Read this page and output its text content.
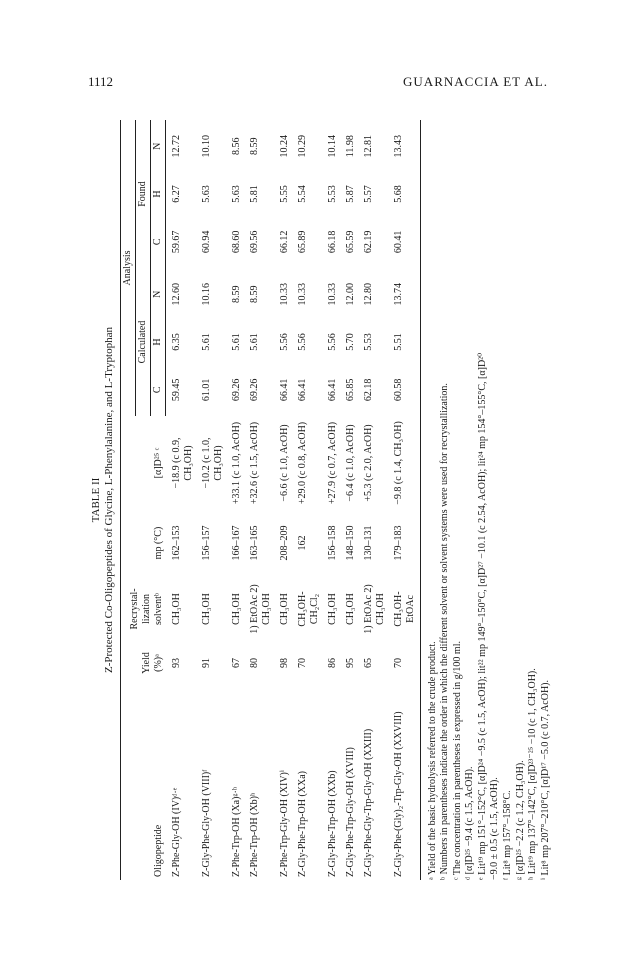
1112	GUARNACCIA ET AL.
TABLE II Z-Protected Co-Oligopeptides of Glycine, L-Phenylalanine, and L-Tryptophan
Oligopeptide	Yield (%)ᵃ	Recrystal-lization solventᵇ	mp (°C)	[α]D²⁵ ᶜ	Analysis					
					Calculated			Found		
					C	H	N	C	H	N
Z-Phe-Gly-OH (IV)ᵈ·ᵉ	93	CH₃OH	162–153	−18.9 (c 0.9, CH₃OH)	59.45	6.35	12.60	59.67	6.27	12.72
Z-Gly-Phe-Gly-OH (VIII)ᶠ	91	CH₃OH	156–157	−10.2 (c 1.0, CH₃OH)	61.01	5.61	10.16	60.94	5.63	10.10
Z-Phe-Trp-OH (Xa)ᵍ·ʰ	67	CH₃OH	166–167	+33.1 (c 1.0, AcOH)	69.26	5.61	8.59	68.60	5.63	8.56
Z-Phe-Trp-OH (Xb)ʰ	80	1) EtOAc 2) CH₃OH	163–165	+32.6 (c 1.5, AcOH)	69.26	5.61	8.59	69.56	5.81	8.59
Z-Phe-Trp-Gly-OH (XIV)ⁱ	98	CH₃OH	208–209	−6.6 (c 1.0, AcOH)	66.41	5.56	10.33	66.12	5.55	10.24
Z-Gly-Phe-Trp-OH (XXa)	70	CH₃OH-CH₂Cl₂	162	+29.0 (c 0.8, AcOH)	66.41	5.56	10.33	65.89	5.54	10.29
Z-Gly-Phe-Trp-OH (XXb)	86	CH₃OH	156–158	+27.9 (c 0.7, AcOH)	66.41	5.56	10.33	66.18	5.53	10.14
Z-Gly-Phe-Trp-Gly-OH (XVIII)	95	CH₃OH	148–150	−6.4 (c 1.0, AcOH)	65.85	5.70	12.00	65.59	5.87	11.98
Z-Gly-Phe-Gly-Trp-Gly-OH (XXIII)	65	1) EtOAc 2) CH₃OH	130–131	+5.3 (c 2.0, AcOH)	62.18	5.53	12.80	62.19	5.57	12.81
Z-Gly-Phe-(Gly)₂-Trp-Gly-OH (XXVIII)	70	CH₃OH-EtOAc	179–183	−9.8 (c 1.4, CH₃OH)	60.58	5.51	13.74	60.41	5.68	13.43
ᵃ Yield of the basic hydrolysis referred to the crude product. ᵇ Numbers in parentheses indicate the order in which the different solvent or solvent systems were used for recrystallization. ᶜ The concentration in parentheses is expressed in g/100 ml. ᵈ [α]D²⁵ −9.4 (c 1.5, AcOH). ᵉ Lit¹⁹ mp 151°–152°C, [α]D²⁴ −9.5 (c 1.5, AcOH); lit²² mp 149°–150°C, [α]D²⁷ −10.1 (c 2.54, AcOH); lit²⁴ mp 154°–155°C, [α]D²⁰ −9.0 ± 0.5 (c 1.5, AcOH). ᶠ Lit⁸ mp 157°–158°C. ᵍ [α]D²⁵ −2.2 (c 1.2, CH₃OH). ʰ Lit¹⁹ mp 137°–142°C, [α]D²³⁻²⁵ −10 (c 1, CH₃OH). ⁱ Lit⁸ mp 207°–210°C, [α]D¹⁷ −5.0 (c 0.7, AcOH).
